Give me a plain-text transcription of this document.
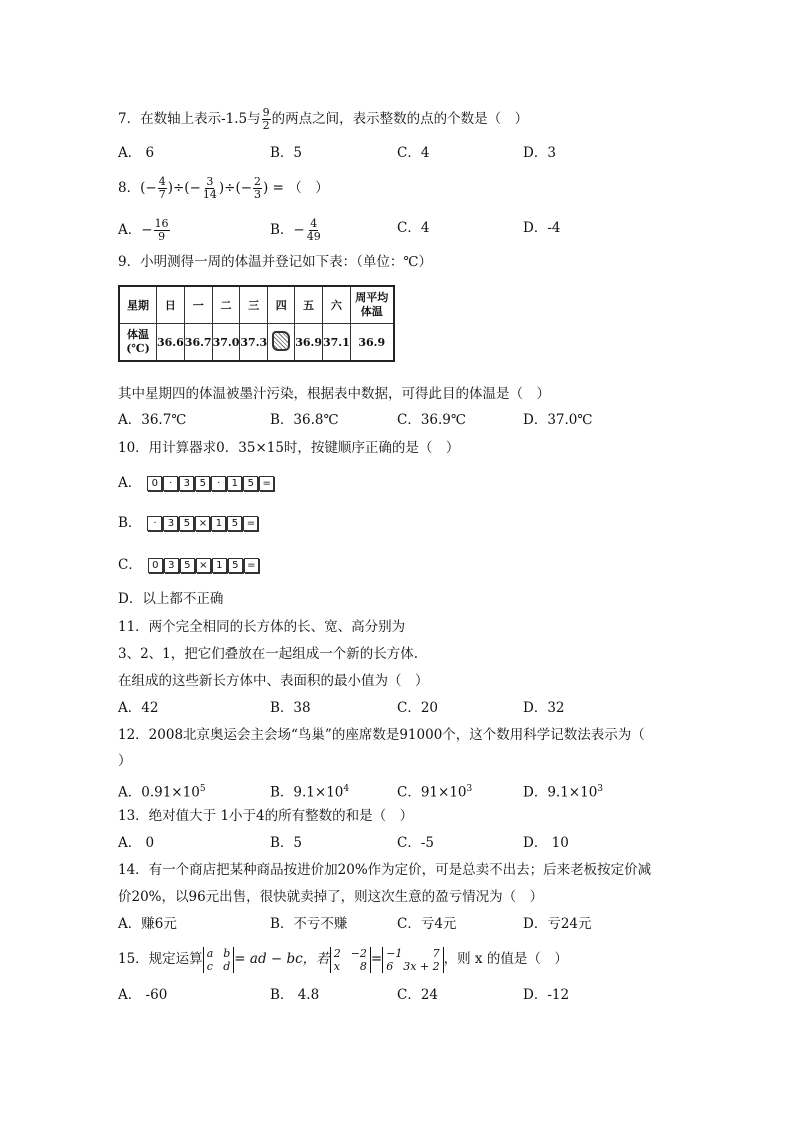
7．在数轴上表示-1.5与 $\frac{9}{2}$ 的两点之间，表示整数的点的个数是（　）
A． 6	B．5	C．4	D．3
8．(− $\frac{4}{7}$ )÷(− $\frac{3}{14}$ )÷(− $\frac{2}{3}$ ) = （　）
A．− $\frac{16}{9}$	B．− $\frac{4}{49}$	C．4	D．-4
9．小明测得一周的体温并登记如下表：（单位：℃）
星期	日	一	二	三	四	五	六	周平均体温
体温(℃)	36.6	36.7	37.0	37.3		36.9	37.1	36.9
其中星期四的体温被墨汁污染，根据表中数据，可得此目的体温是（　）
A．36.7℃	B．36.8℃	C．36.9℃	D．37.0℃
10．用计算器求0．35×15时，按键顺序正确的是（　）
A．	0	·	3 5	·	1 5 =
B．	·	3 5 × 1 5 =
C．	0 3 5 × 1 5 =
D．以上都不正确
11．两个完全相同的长方体的长、宽、高分别为
3、2、1，把它们叠放在一起组成一个新的长方体.
在组成的这些新长方体中、表面积的最小值为（　）
A．42	B．38	C．20	D．32
12．2008北京奥运会主会场“鸟巢”的座席数是91000个，这个数用科学记数法表示为（
）
A．$0.91\times 10^5$	B．$9.1\times 10^4$	C．$91\times 10^3$	D．$9.1\times 10^3$
13．绝对值大于 1小于4的所有整数的和是（　）
A． 0	B．5	C．-5	D． 10
14．有一个商店把某种商品按进价加20%作为定价，可是总卖不出去；后来老板按定价减
价20%，以96元出售，很快就卖掉了，则这次生意的盈亏情况为（　）
A．赚6元	B．不亏不赚	C．亏4元	D．亏24元
15．规定运算 a b
c d = ad − bc，若 2 −2
x 8 = −1	7
6 3x + 2 ，则 x 的值是（　）
A． -60	B． 4.8	C．24	D．-12
